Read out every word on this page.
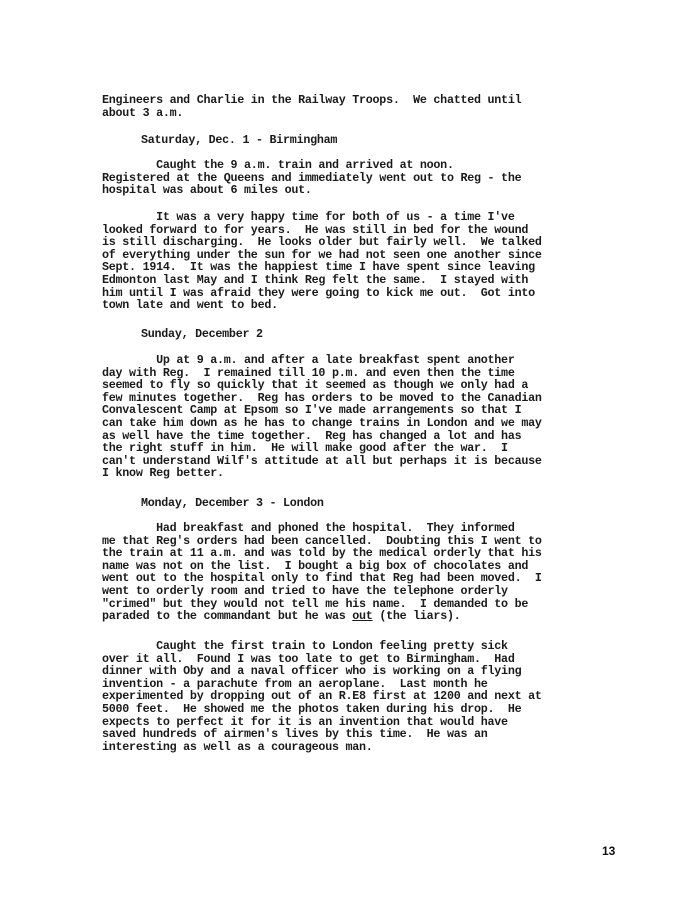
Engineers and Charlie in the Railway Troops.  We chatted until
about 3 a.m.
Saturday, Dec. 1 - Birmingham
Caught the 9 a.m. train and arrived at noon.
Registered at the Queens and immediately went out to Reg - the
hospital was about 6 miles out.
It was a very happy time for both of us - a time I've
looked forward to for years.  He was still in bed for the wound
is still discharging.  He looks older but fairly well.  We talked
of everything under the sun for we had not seen one another since
Sept. 1914.  It was the happiest time I have spent since leaving
Edmonton last May and I think Reg felt the same.  I stayed with
him until I was afraid they were going to kick me out.  Got into
town late and went to bed.
Sunday, December 2
Up at 9 a.m. and after a late breakfast spent another
day with Reg.  I remained till 10 p.m. and even then the time
seemed to fly so quickly that it seemed as though we only had a
few minutes together.  Reg has orders to be moved to the Canadian
Convalescent Camp at Epsom so I've made arrangements so that I
can take him down as he has to change trains in London and we may
as well have the time together.  Reg has changed a lot and has
the right stuff in him.  He will make good after the war.  I
can't understand Wilf's attitude at all but perhaps it is because
I know Reg better.
Monday, December 3 - London
Had breakfast and phoned the hospital.  They informed
me that Reg's orders had been cancelled.  Doubting this I went to
the train at 11 a.m. and was told by the medical orderly that his
name was not on the list.  I bought a big box of chocolates and
went out to the hospital only to find that Reg had been moved.  I
went to orderly room and tried to have the telephone orderly
"crimed" but they would not tell me his name.  I demanded to be
paraded to the commandant but he was out (the liars).
Caught the first train to London feeling pretty sick
over it all.  Found I was too late to get to Birmingham.  Had
dinner with Oby and a naval officer who is working on a flying
invention - a parachute from an aeroplane.  Last month he
experimented by dropping out of an R.E8 first at 1200 and next at
5000 feet.  He showed me the photos taken during his drop.  He
expects to perfect it for it is an invention that would have
saved hundreds of airmen's lives by this time.  He was an
interesting as well as a courageous man.
13
